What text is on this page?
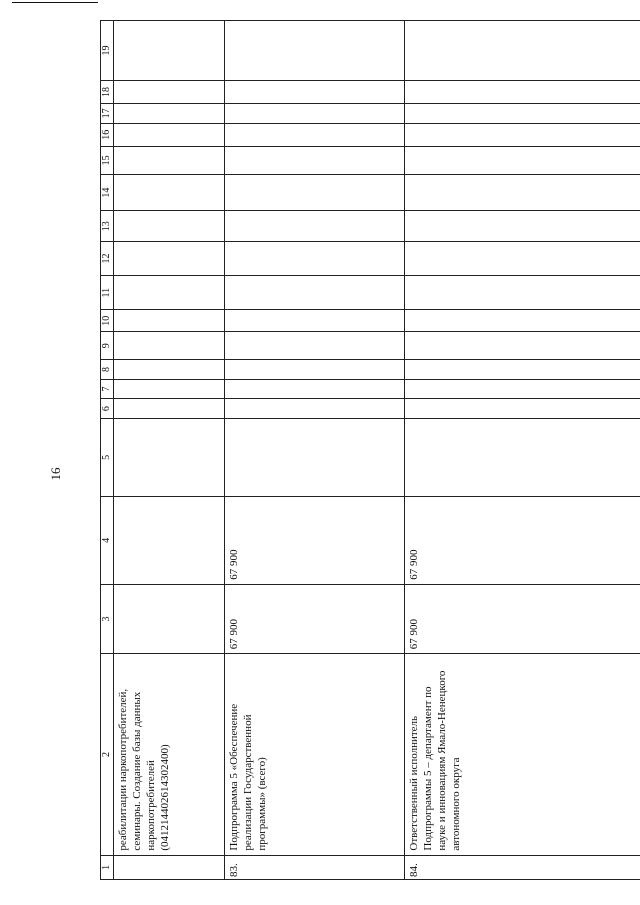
16
1	2	3	4	5	6	7	8	9	10	11	12	13	14	15	16	17	18	19
	реабилитации наркопотребителей, семинары. Создание базы данных наркопотребителей (041214402614302400)																	
83.	Подпрограмма 5 «Обеспечение реализации Государственной программы» (всего)	67 900	67 900															
84.	Ответственный исполнитель Подпрограммы 5 – департамент по науке и инновациям Ямало-Ненецкого автономного округа	67 900	67 900															
